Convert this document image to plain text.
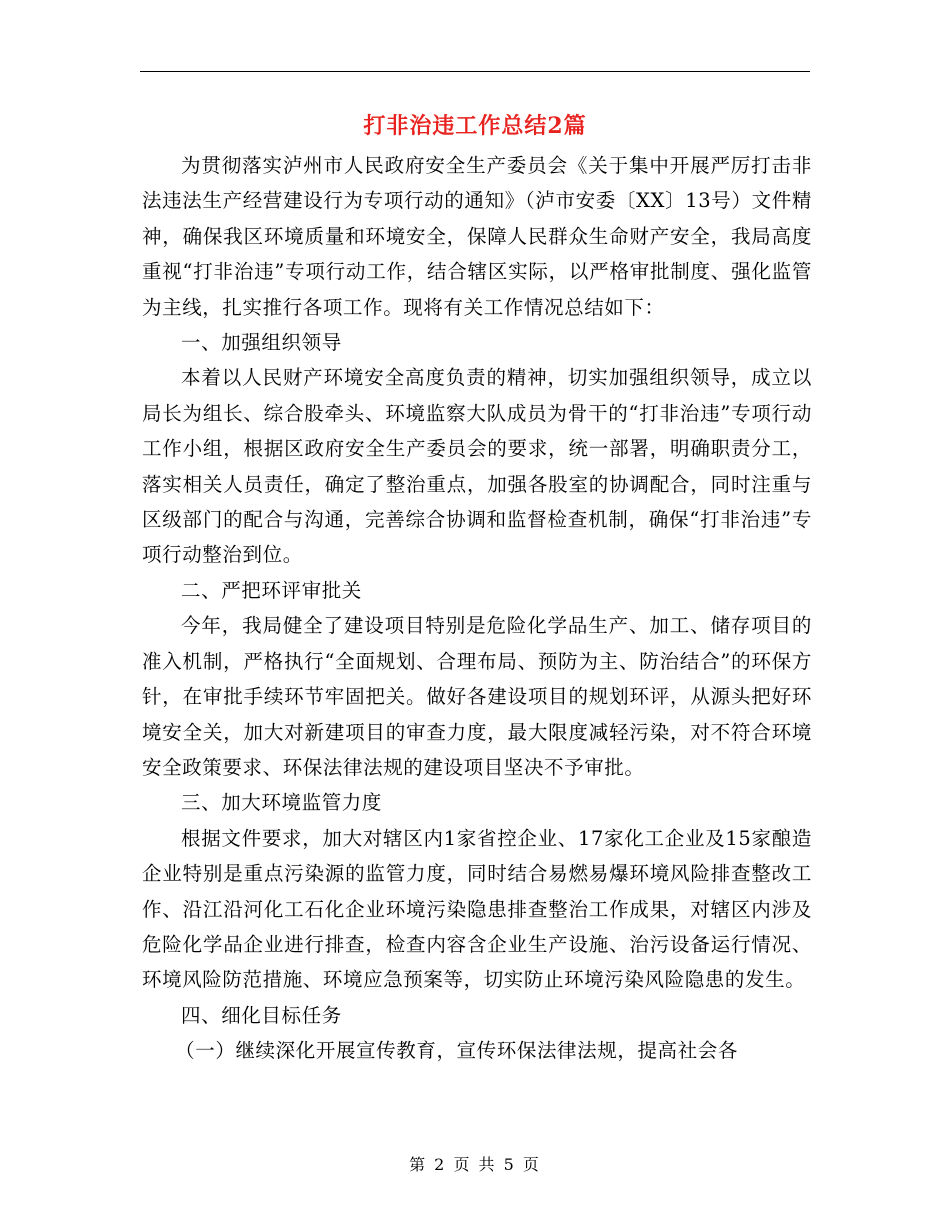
打非治违工作总结2篇

为贯彻落实泸州市人民政府安全生产委员会《关于集中开展严厉打击非法违法生产经营建设行为专项行动的通知》（泸市安委〔XX〕13号）文件精神，确保我区环境质量和环境安全，保障人民群众生命财产安全，我局高度重视“打非治违”专项行动工作，结合辖区实际，以严格审批制度、强化监管为主线，扎实推行各项工作。现将有关工作情况总结如下：

一、加强组织领导

本着以人民财产环境安全高度负责的精神，切实加强组织领导，成立以局长为组长、综合股牵头、环境监察大队成员为骨干的“打非治违”专项行动工作小组，根据区政府安全生产委员会的要求，统一部署，明确职责分工，落实相关人员责任，确定了整治重点，加强各股室的协调配合，同时注重与区级部门的配合与沟通，完善综合协调和监督检查机制，确保“打非治违”专项行动整治到位。

二、严把环评审批关

今年，我局健全了建设项目特别是危险化学品生产、加工、储存项目的准入机制，严格执行“全面规划、合理布局、预防为主、防治结合”的环保方针，在审批手续环节牢固把关。做好各建设项目的规划环评，从源头把好环境安全关，加大对新建项目的审查力度，最大限度减轻污染，对不符合环境安全政策要求、环保法律法规的建设项目坚决不予审批。

三、加大环境监管力度

根据文件要求，加大对辖区内1家省控企业、17家化工企业及15家酿造企业特别是重点污染源的监管力度，同时结合易燃易爆环境风险排查整改工作、沿江沿河化工石化企业环境污染隐患排查整治工作成果，对辖区内涉及危险化学品企业进行排查，检查内容含企业生产设施、治污设备运行情况、环境风险防范措施、环境应急预案等，切实防止环境污染风险隐患的发生。

四、细化目标任务

（一）继续深化开展宣传教育，宣传环保法律法规，提高社会各

第 2 页 共 5 页
